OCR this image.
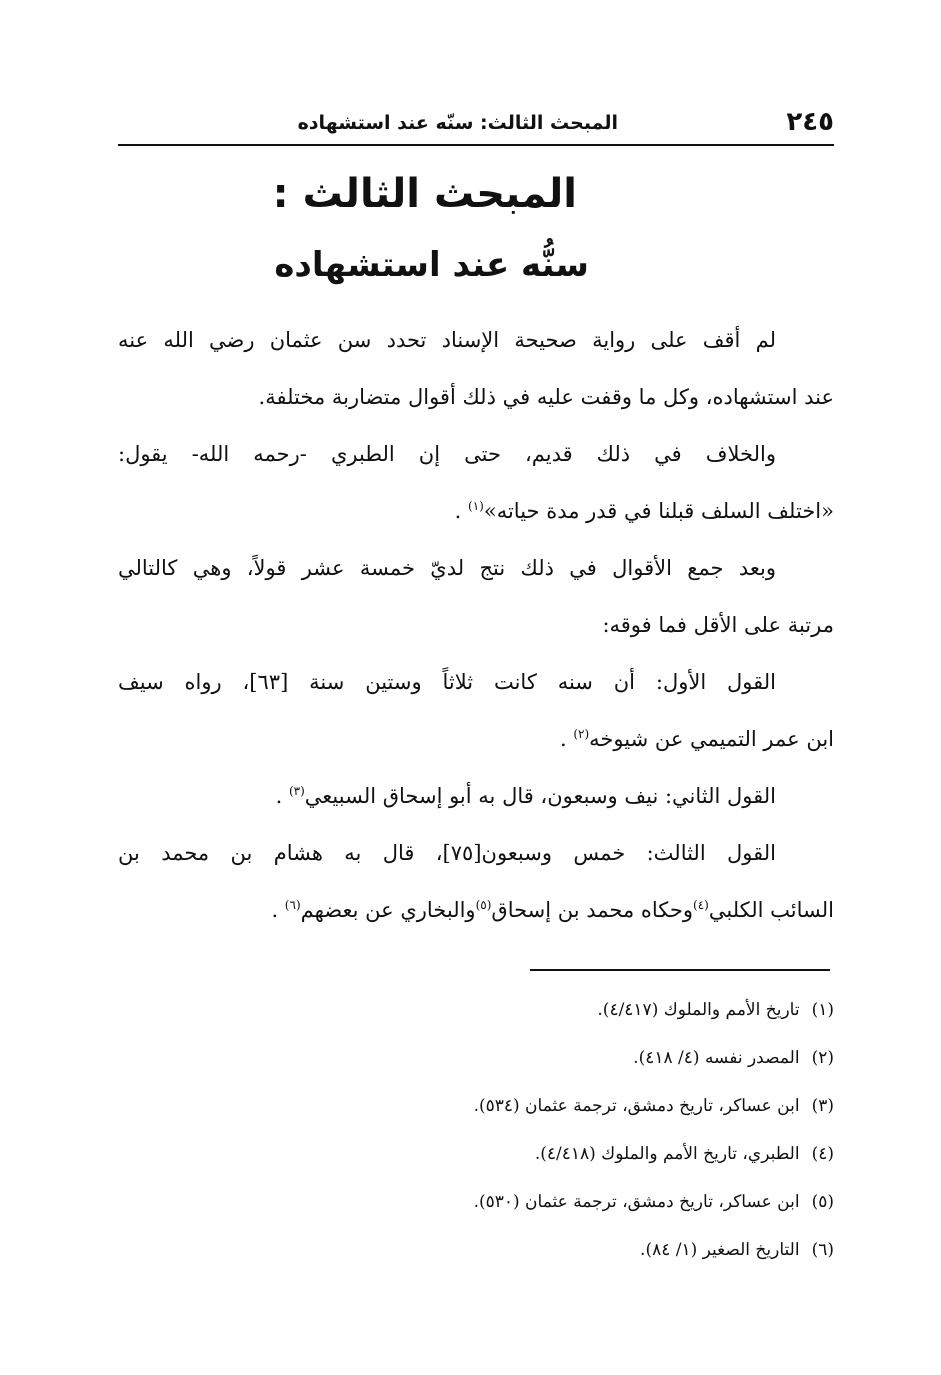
٢٤٥
المبحث الثالث: سنّه عند استشهاده
المبحث الثالث :
سنُّه عند استشهاده
لم أقف على رواية صحيحة الإسناد تحدد سن عثمان رضي الله عنه
عند استشهاده، وكل ما وقفت عليه في ذلك أقوال متضاربة مختلفة.
والخلاف في ذلك قديم، حتى إن الطبري -رحمه الله- يقول:
«اختلف السلف قبلنا في قدر مدة حياته»$^{(١)}$ .
وبعد جمع الأقوال في ذلك نتج لديّ خمسة عشر قولاً، وهي كالتالي
مرتبة على الأقل فما فوقه:
القول الأول: أن سنه كانت ثلاثاً وستين سنة [٦٣]، رواه سيف
ابن عمر التميمي عن شيوخه$^{(٢)}$ .
القول الثاني: نيف وسبعون، قال به أبو إسحاق السبيعي$^{(٣)}$ .
القول الثالث: خمس وسبعون[٧٥]، قال به هشام بن محمد بن
السائب الكلبي$^{(٤)}$وحكاه محمد بن إسحاق$^{(٥)}$والبخاري عن بعضهم$^{(٦)}$ .
(١)تاريخ الأمم والملوك (٤/٤١٧).
(٢)المصدر نفسه (٤/ ٤١٨).
(٣)ابن عساكر، تاريخ دمشق، ترجمة عثمان (٥٣٤).
(٤)الطبري، تاريخ الأمم والملوك (٤/٤١٨).
(٥)ابن عساكر، تاريخ دمشق، ترجمة عثمان (٥٣٠).
(٦)التاريخ الصغير (١/ ٨٤).
